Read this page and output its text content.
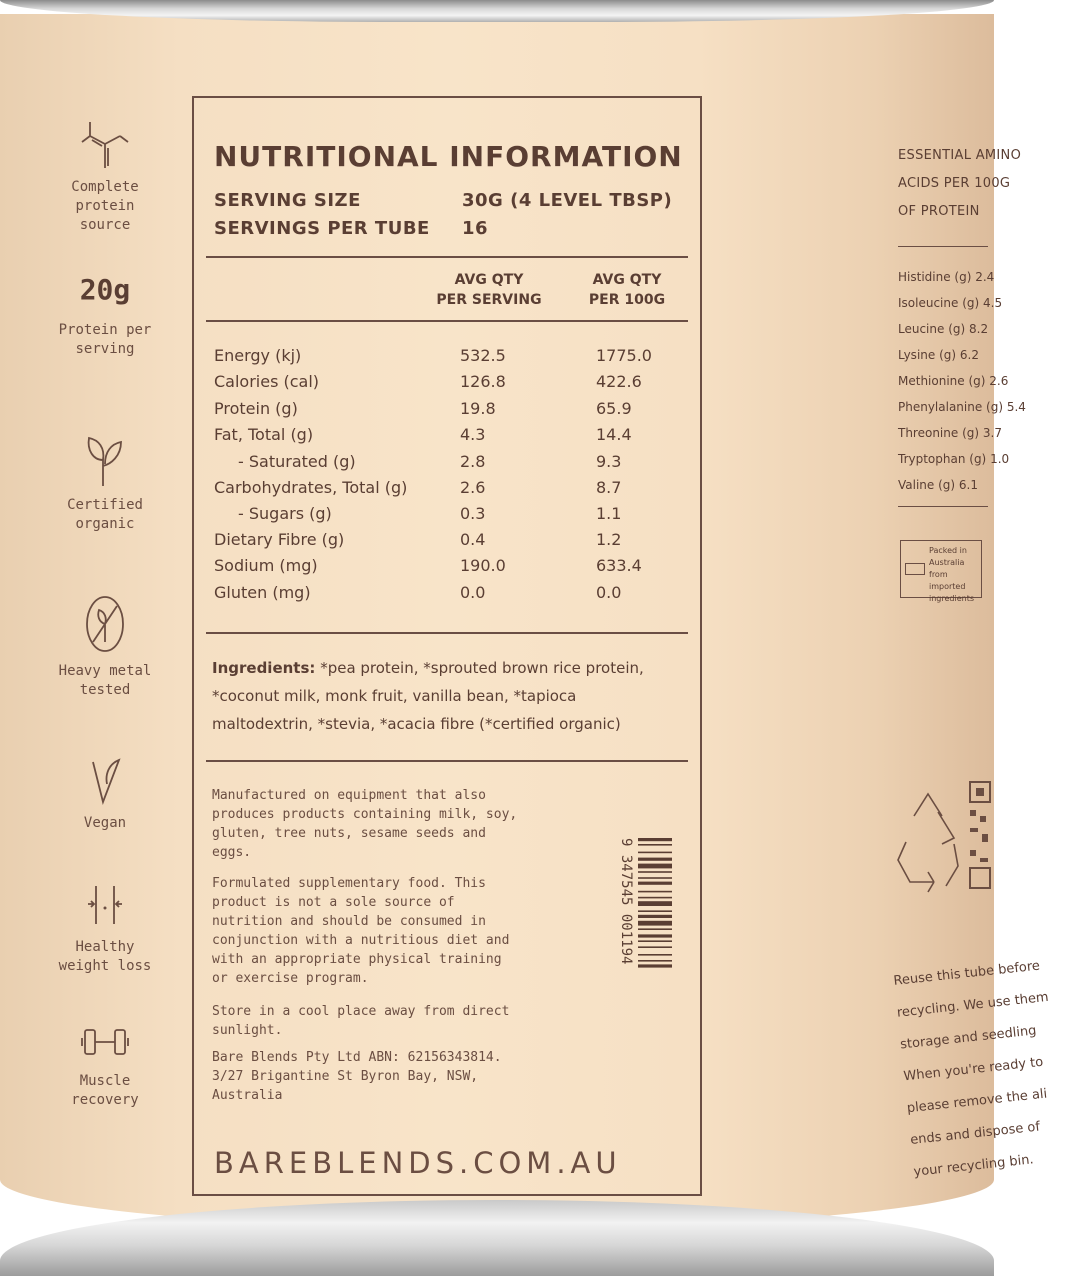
Complete
protein
source
20g
Protein per
serving
Certified
organic
Heavy metal
tested
Vegan
Healthy
weight loss
Muscle
recovery
NUTRITIONAL INFORMATION
SERVING SIZE	30G (4 LEVEL TBSP)
SERVINGS PER TUBE 16
AVG QTY
PER SERVING
AVG QTY
PER 100G
Energy (kj)	532.5	1775.0
Calories (cal)	126.8	422.6
Protein (g)	19.8	65.9
Fat, Total (g)	4.3	14.4
- Saturated (g)	2.8	9.3
Carbohydrates, Total (g)	2.6	8.7
- Sugars (g)	0.3	1.1
Dietary Fibre (g)	0.4	1.2
Sodium (mg)	190.0	633.4
Gluten (mg)	0.0	0.0
Ingredients: *pea protein, *sprouted brown rice protein,
*coconut milk, monk fruit, vanilla bean, *tapioca
maltodextrin, *stevia, *acacia fibre (*certified organic)
Manufactured on equipment that also
produces products containing milk, soy,
gluten, tree nuts, sesame seeds and
eggs.
Formulated supplementary food. This
product is not a sole source of
nutrition and should be consumed in
conjunction with a nutritious diet and
with an appropriate physical training
or exercise program.
Store in a cool place away from direct
sunlight.
Bare Blends Pty Ltd ABN: 62156343814.
3/27 Brigantine St Byron Bay, NSW,
Australia
9 347545 001194
BAREBLENDS.COM.AU
ESSENTIAL AMINO
ACIDS PER 100G
OF PROTEIN
Histidine (g) 2.4
Isoleucine (g) 4.5
Leucine (g) 8.2
Lysine (g) 6.2
Methionine (g) 2.6
Phenylalanine (g) 5.4
Threonine (g) 3.7
Tryptophan (g) 1.0
Valine (g) 6.1
Packed in Australia
from imported
ingredients
Reuse this tube before
recycling. We use them
storage and seedling
When you're ready to
please remove the ali
ends and dispose of
your recycling bin.
